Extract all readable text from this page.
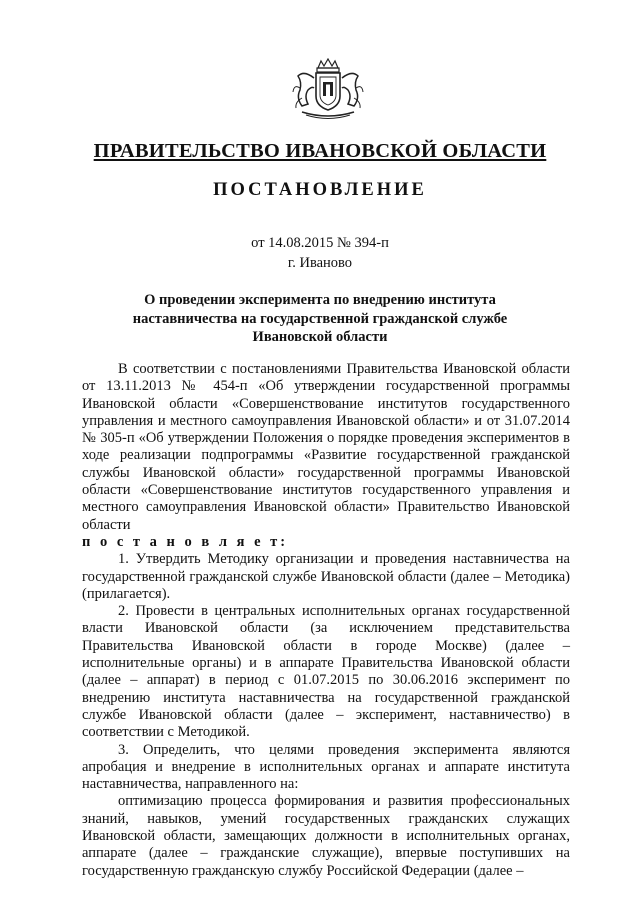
ПРАВИТЕЛЬСТВО ИВАНОВСКОЙ ОБЛАСТИ
ПОСТАНОВЛЕНИЕ
от 14.08.2015 № 394-п
г. Иваново
О проведении эксперимента по внедрению института наставничества на государственной гражданской службе Ивановской области

В соответствии с постановлениями Правительства Ивановской области от 13.11.2013 № 454-п «Об утверждении государственной программы Ивановской области «Совершенствование институтов государственного управления и местного самоуправления Ивановской области» и от 31.07.2014 № 305-п «Об утверждении Положения о порядке проведения экспериментов в ходе реализации подпрограммы «Развитие государственной гражданской службы Ивановской области» государственной программы Ивановской области «Совершенствование институтов государственного управления и местного самоуправления Ивановской области» Правительство Ивановской области

п о с т а н о в л я е т:

1. Утвердить Методику организации и проведения наставничества на государственной гражданской службе Ивановской области (далее – Методика) (прилагается).

2. Провести в центральных исполнительных органах государственной власти Ивановской области (за исключением представительства Правительства Ивановской области в городе Москве) (далее – исполнительные органы) и в аппарате Правительства Ивановской области (далее – аппарат) в период с 01.07.2015 по 30.06.2016 эксперимент по внедрению института наставничества на государственной гражданской службе Ивановской области (далее – эксперимент, наставничество) в соответствии с Методикой.

3. Определить, что целями проведения эксперимента являются апробация и внедрение в исполнительных органах и аппарате института наставничества, направленного на:

оптимизацию процесса формирования и развития профессиональных знаний, навыков, умений государственных гражданских служащих Ивановской области, замещающих должности в исполнительных органах, аппарате (далее – гражданские служащие), впервые поступивших на государственную гражданскую службу Российской Федерации (далее –
